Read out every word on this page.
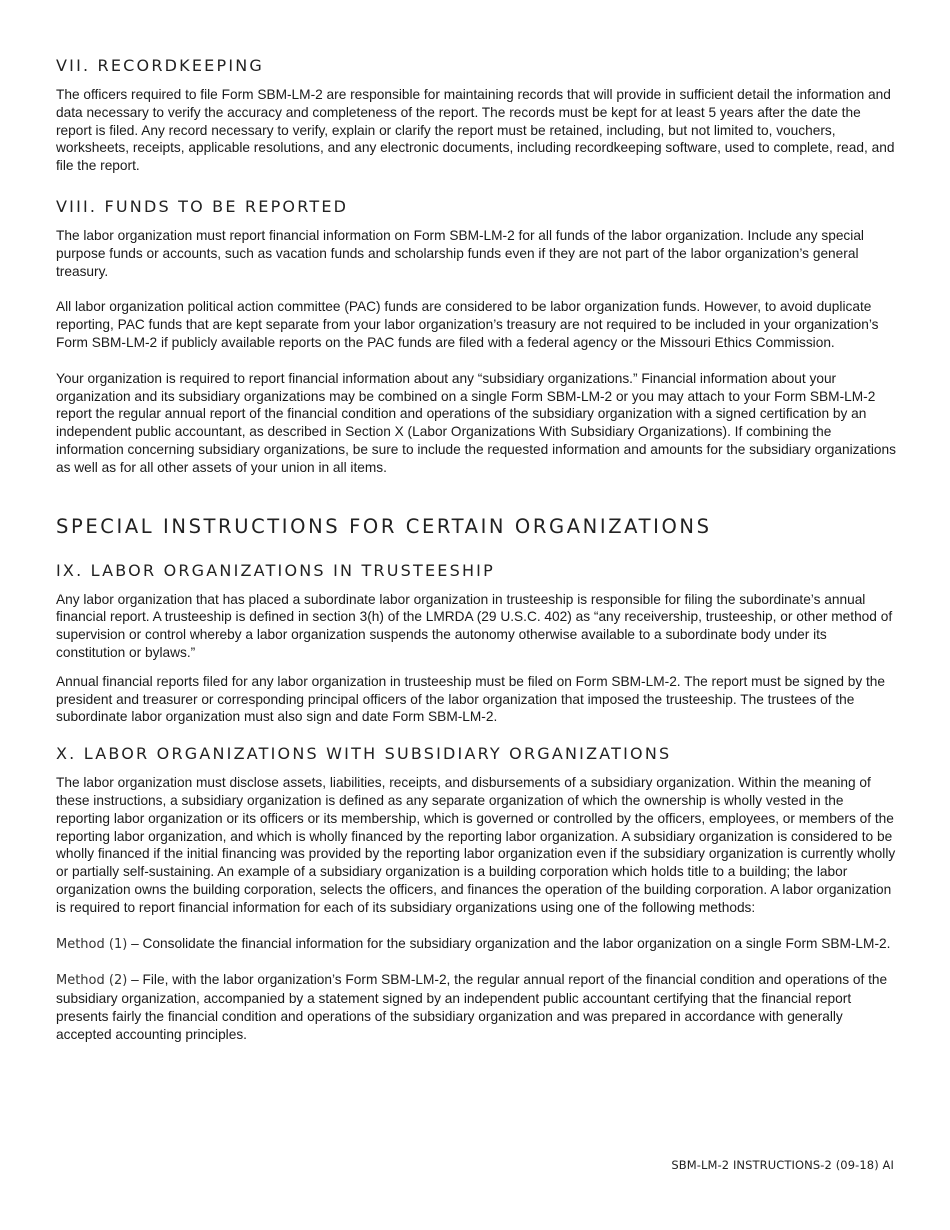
VII. RECORDKEEPING

The officers required to file Form SBM-LM-2 are responsible for maintaining records that will provide in sufficient detail the information and data necessary to verify the accuracy and completeness of the report. The records must be kept for at least 5 years after the date the report is filed. Any record necessary to verify, explain or clarify the report must be retained, including, but not limited to, vouchers, worksheets, receipts, applicable resolutions, and any electronic documents, including recordkeeping software, used to complete, read, and file the report.

VIII. FUNDS TO BE REPORTED

The labor organization must report financial information on Form SBM-LM-2 for all funds of the labor organization. Include any special purpose funds or accounts, such as vacation funds and scholarship funds even if they are not part of the labor organization’s general treasury.

All labor organization political action committee (PAC) funds are considered to be labor organization funds. However, to avoid duplicate reporting, PAC funds that are kept separate from your labor organization’s treasury are not required to be included in your organization’s Form SBM-LM-2 if publicly available reports on the PAC funds are filed with a federal agency or the Missouri Ethics Commission.

Your organization is required to report financial information about any “subsidiary organizations.” Financial information about your organization and its subsidiary organizations may be combined on a single Form SBM-LM-2 or you may attach to your Form SBM-LM-2 report the regular annual report of the financial condition and operations of the subsidiary organization with a signed certification by an independent public accountant, as described in Section X (Labor Organizations With Subsidiary Organizations). If combining the information concerning subsidiary organizations, be sure to include the requested information and amounts for the subsidiary organizations as well as for all other assets of your union in all items.

SPECIAL INSTRUCTIONS FOR CERTAIN ORGANIZATIONS
IX. LABOR ORGANIZATIONS IN TRUSTEESHIP

Any labor organization that has placed a subordinate labor organization in trusteeship is responsible for filing the subordinate’s annual financial report. A trusteeship is defined in section 3(h) of the LMRDA (29 U.S.C. 402) as “any receivership, trusteeship, or other method of supervision or control whereby a labor organization suspends the autonomy otherwise available to a subordinate body under its constitution or bylaws.”

Annual financial reports filed for any labor organization in trusteeship must be filed on Form SBM-LM-2. The report must be signed by the president and treasurer or corresponding principal officers of the labor organization that imposed the trusteeship. The trustees of the subordinate labor organization must also sign and date Form SBM-LM-2.

X. LABOR ORGANIZATIONS WITH SUBSIDIARY ORGANIZATIONS

The labor organization must disclose assets, liabilities, receipts, and disbursements of a subsidiary organization. Within the meaning of these instructions, a subsidiary organization is defined as any separate organization of which the ownership is wholly vested in the reporting labor organization or its officers or its membership, which is governed or controlled by the officers, employees, or members of the reporting labor organization, and which is wholly financed by the reporting labor organization. A subsidiary organization is considered to be wholly financed if the initial financing was provided by the reporting labor organization even if the subsidiary organization is currently wholly or partially self-sustaining. An example of a subsidiary organization is a building corporation which holds title to a building; the labor organization owns the building corporation, selects the officers, and finances the operation of the building corporation. A labor organization is required to report financial information for each of its subsidiary organizations using one of the following methods:

Method (1) – Consolidate the financial information for the subsidiary organization and the labor organization on a single Form SBM-LM-2.

Method (2) – File, with the labor organization’s Form SBM-LM-2, the regular annual report of the financial condition and operations of the subsidiary organization, accompanied by a statement signed by an independent public accountant certifying that the financial report presents fairly the financial condition and operations of the subsidiary organization and was prepared in accordance with generally accepted accounting principles.

SBM-LM-2 INSTRUCTIONS-2 (09-18) AI
